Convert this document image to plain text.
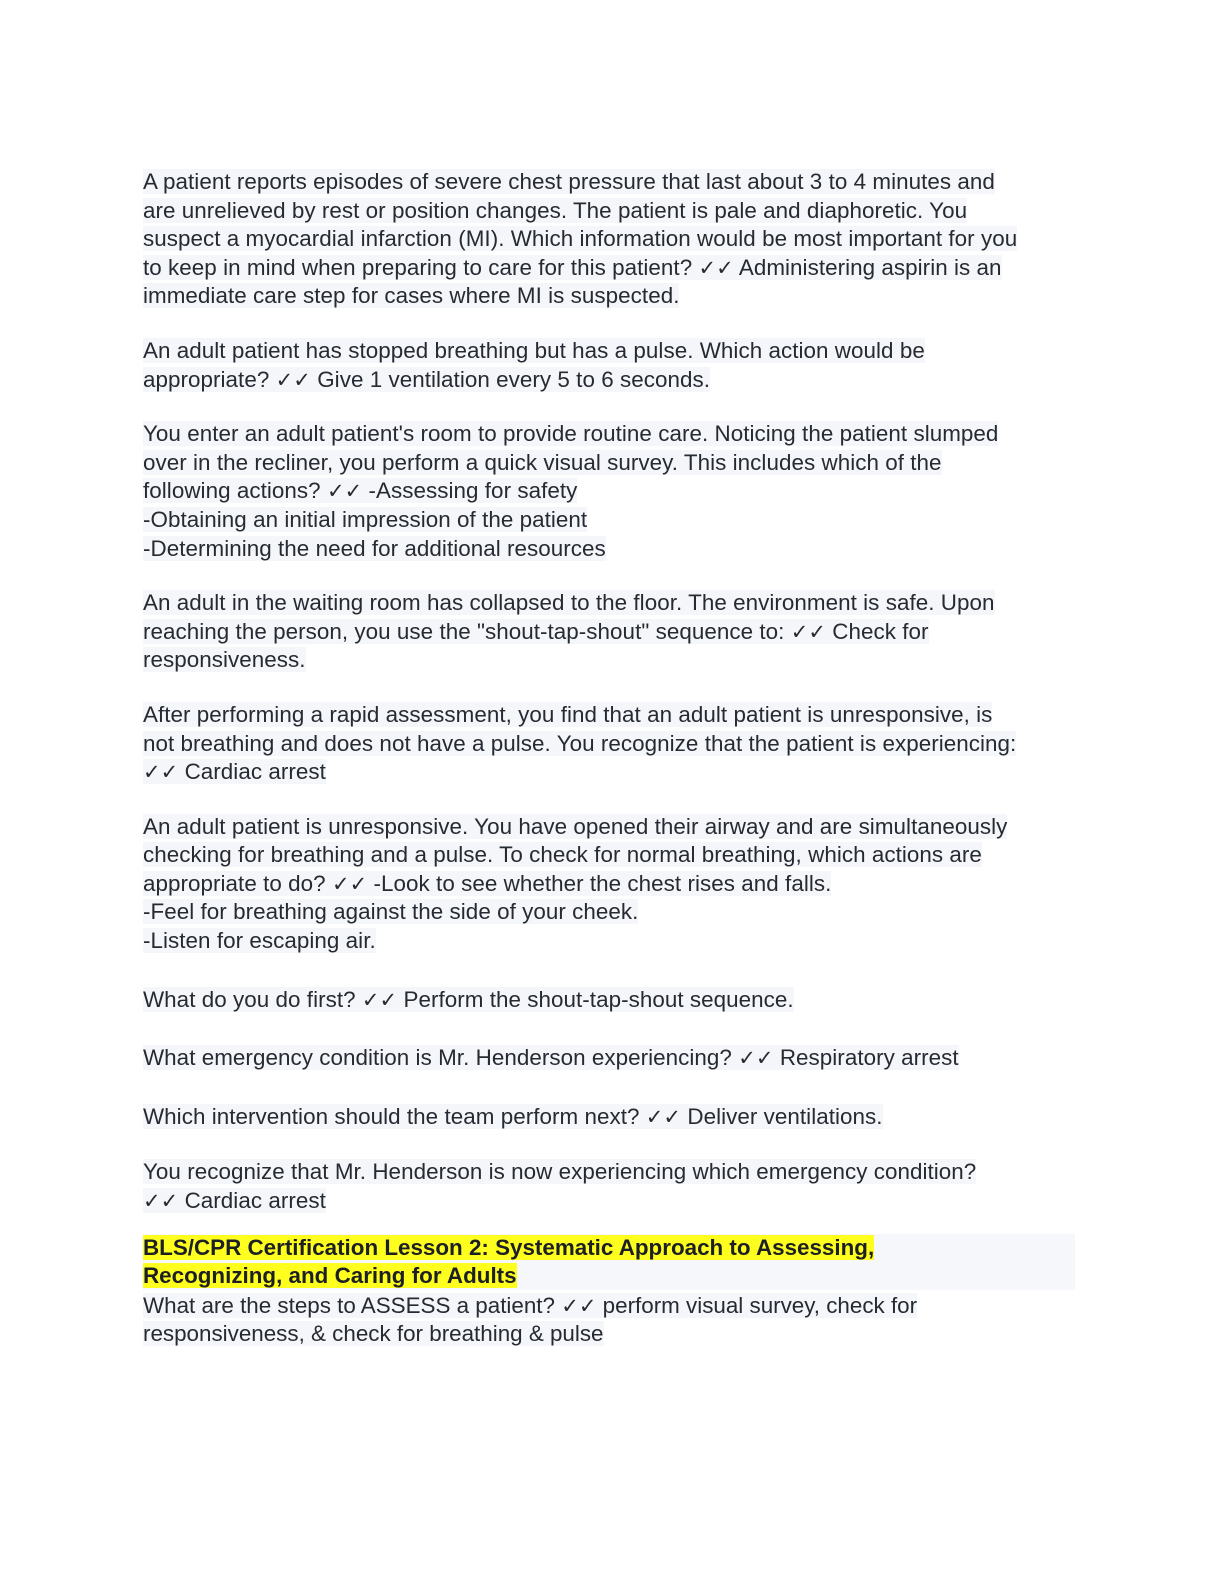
A patient reports episodes of severe chest pressure that last about 3 to 4 minutes and
are unrelieved by rest or position changes. The patient is pale and diaphoretic. You
suspect a myocardial infarction (MI). Which information would be most important for you
to keep in mind when preparing to care for this patient? ✓✓ Administering aspirin is an
immediate care step for cases where MI is suspected.
An adult patient has stopped breathing but has a pulse. Which action would be
appropriate? ✓✓ Give 1 ventilation every 5 to 6 seconds.
You enter an adult patient's room to provide routine care. Noticing the patient slumped
over in the recliner, you perform a quick visual survey. This includes which of the
following actions? ✓✓ -Assessing for safety
-Obtaining an initial impression of the patient
-Determining the need for additional resources
An adult in the waiting room has collapsed to the floor. The environment is safe. Upon
reaching the person, you use the "shout-tap-shout" sequence to: ✓✓ Check for
responsiveness.
After performing a rapid assessment, you find that an adult patient is unresponsive, is
not breathing and does not have a pulse. You recognize that the patient is experiencing:
✓✓ Cardiac arrest
An adult patient is unresponsive. You have opened their airway and are simultaneously
checking for breathing and a pulse. To check for normal breathing, which actions are
appropriate to do? ✓✓ -Look to see whether the chest rises and falls.
-Feel for breathing against the side of your cheek.
-Listen for escaping air.
What do you do first? ✓✓ Perform the shout-tap-shout sequence.
What emergency condition is Mr. Henderson experiencing? ✓✓ Respiratory arrest
Which intervention should the team perform next? ✓✓ Deliver ventilations.
You recognize that Mr. Henderson is now experiencing which emergency condition?
✓✓ Cardiac arrest
BLS/CPR Certification Lesson 2: Systematic Approach to Assessing,
Recognizing, and Caring for Adults
What are the steps to ASSESS a patient? ✓✓ perform visual survey, check for
responsiveness, & check for breathing & pulse
